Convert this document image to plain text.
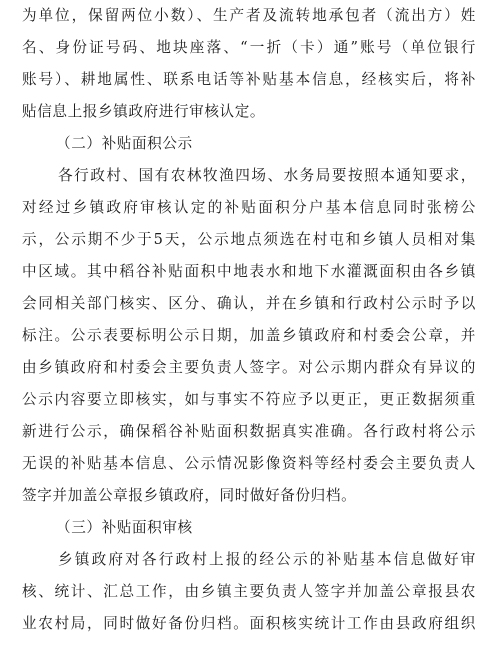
为单位，保留两位小数）、生产者及流转地承包者（流出方）姓
名、身份证号码、地块座落、“一折（卡）通”账号（单位银行
账号）、耕地属性、联系电话等补贴基本信息，经核实后，将补
贴信息上报乡镇政府进行审核认定。
（二）补贴面积公示
各行政村、国有农林牧渔四场、水务局要按照本通知要求，
对经过乡镇政府审核认定的补贴面积分户基本信息同时张榜公
示，公示期不少于5天，公示地点须选在村屯和乡镇人员相对集
中区域。其中稻谷补贴面积中地表水和地下水灌溉面积由各乡镇
会同相关部门核实、区分、确认，并在乡镇和行政村公示时予以
标注。公示表要标明公示日期，加盖乡镇政府和村委会公章，并
由乡镇政府和村委会主要负责人签字。对公示期内群众有异议的
公示内容要立即核实，如与事实不符应予以更正，更正数据须重
新进行公示，确保稻谷补贴面积数据真实准确。各行政村将公示
无误的补贴基本信息、公示情况影像资料等经村委会主要负责人
签字并加盖公章报乡镇政府，同时做好备份归档。
（三）补贴面积审核
乡镇政府对各行政村上报的经公示的补贴基本信息做好审
核、统计、汇总工作，由乡镇主要负责人签字并加盖公章报县农
业农村局，同时做好备份归档。面积核实统计工作由县政府组织
